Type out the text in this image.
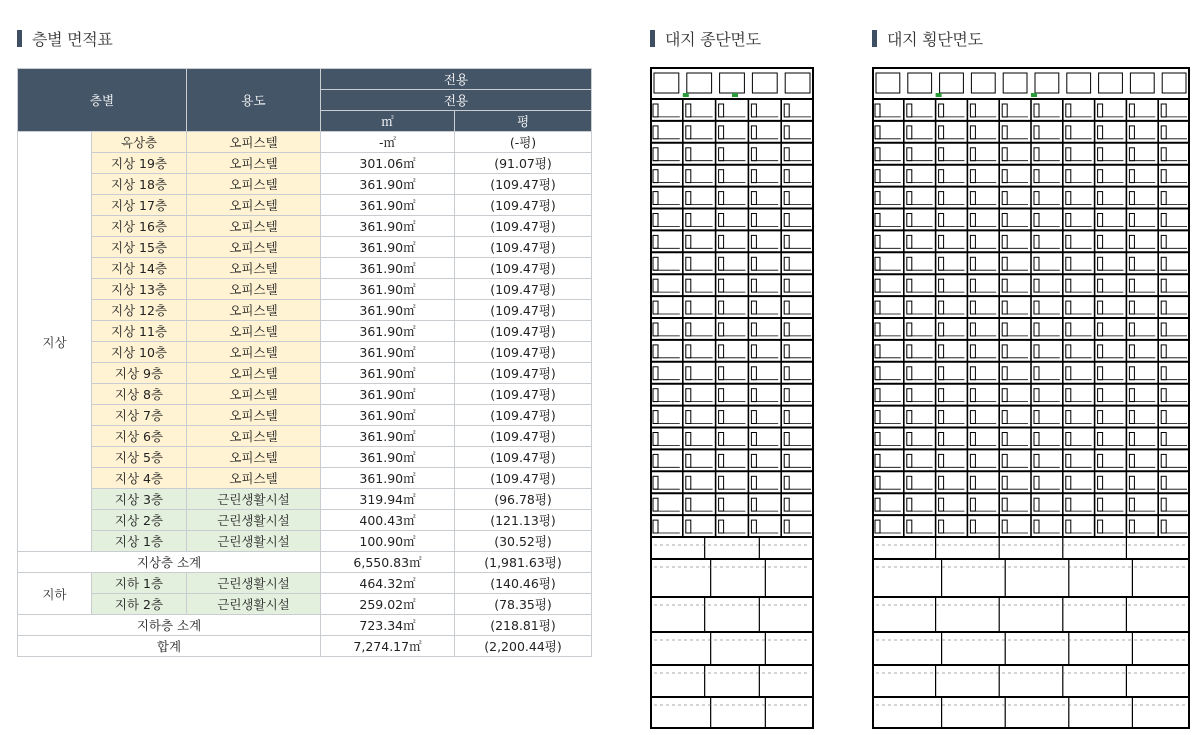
층별 면적표	대지 종단면도	대지 횡단면도
층별		용도	전용	
			전용	
			㎡	평
지상	옥상층	오피스텔	-㎡	(-평)
	지상 19층	오피스텔	301.06㎡	(91.07평)
	지상 18층	오피스텔	361.90㎡	(109.47평)
	지상 17층	오피스텔	361.90㎡	(109.47평)
	지상 16층	오피스텔	361.90㎡	(109.47평)
	지상 15층	오피스텔	361.90㎡	(109.47평)
	지상 14층	오피스텔	361.90㎡	(109.47평)
	지상 13층	오피스텔	361.90㎡	(109.47평)
	지상 12층	오피스텔	361.90㎡	(109.47평)
	지상 11층	오피스텔	361.90㎡	(109.47평)
	지상 10층	오피스텔	361.90㎡	(109.47평)
	지상 9층	오피스텔	361.90㎡	(109.47평)
	지상 8층	오피스텔	361.90㎡	(109.47평)
	지상 7층	오피스텔	361.90㎡	(109.47평)
	지상 6층	오피스텔	361.90㎡	(109.47평)
	지상 5층	오피스텔	361.90㎡	(109.47평)
	지상 4층	오피스텔	361.90㎡	(109.47평)
	지상 3층	근린생활시설	319.94㎡	(96.78평)
	지상 2층	근린생활시설	400.43㎡	(121.13평)
	지상 1층	근린생활시설	100.90㎡	(30.52평)
지상층 소계			6,550.83㎡	(1,981.63평)
지하	지하 1층	근린생활시설	464.32㎡	(140.46평)
	지하 2층	근린생활시설	259.02㎡	(78.35평)
지하층 소계			723.34㎡	(218.81평)
합계			7,274.17㎡	(2,200.44평)
